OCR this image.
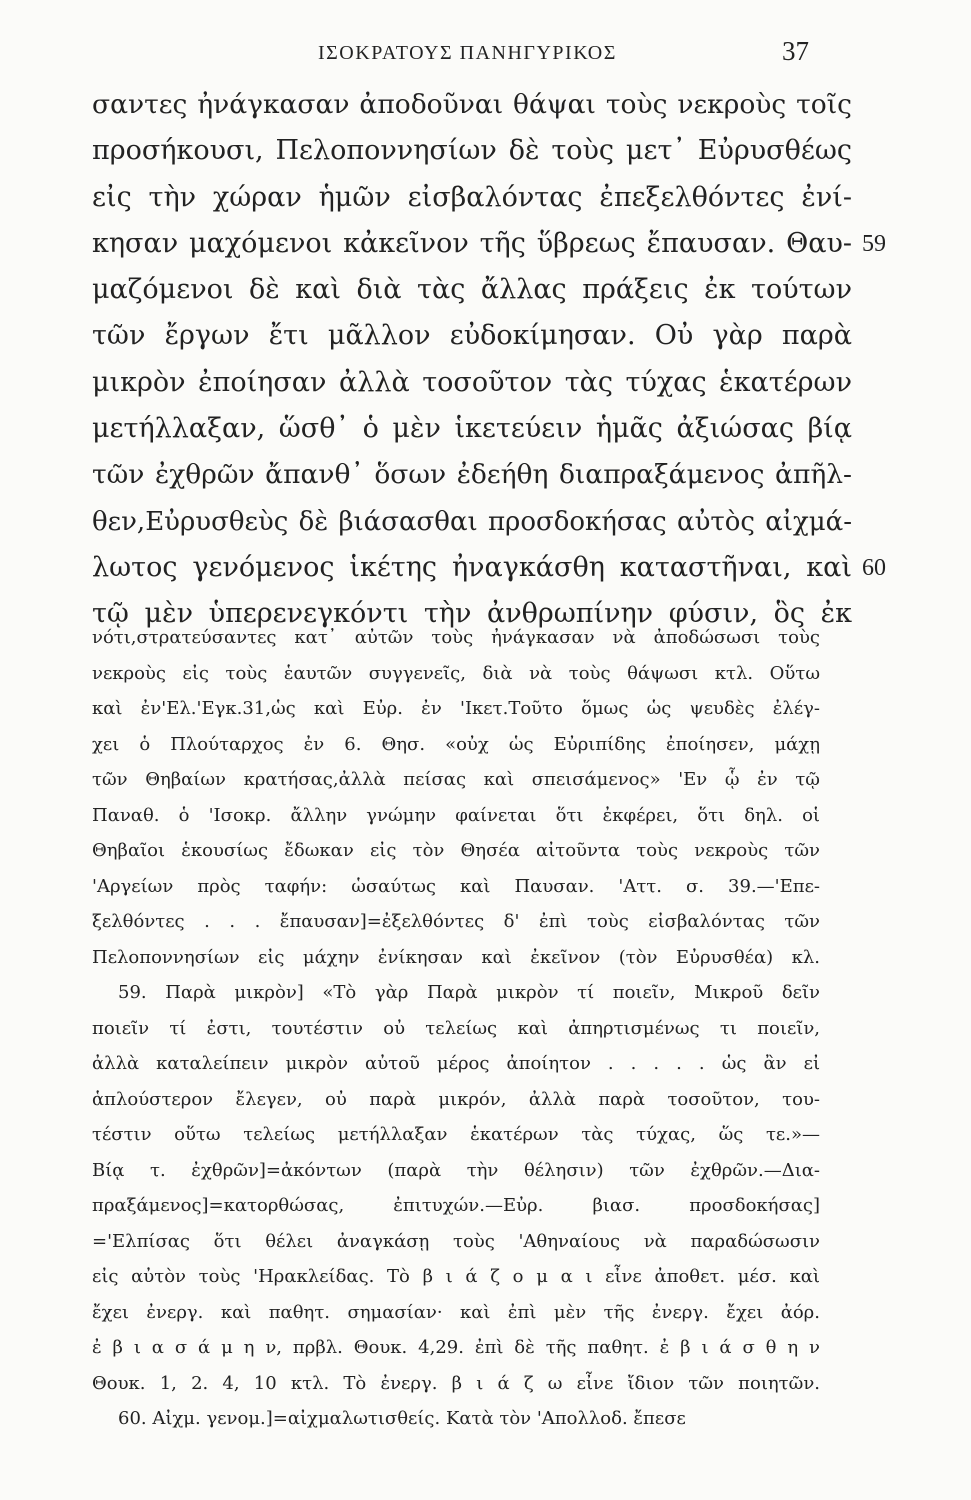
ΙΣΟΚΡΑΤΟΥΣ ΠΑΝΗΓΥΡΙΚΟΣ	37
σαντες ἠνάγκασαν ἀποδοῦναι θάψαι τοὺς νεκροὺς τοῖς
προσήκουσι, Πελοποννησίων δὲ τοὺς μετ᾽ Εὐρυσθέως
εἰς τὴν χώραν ἡμῶν εἰσβαλόντας ἐπεξελθόντες ἐνί-
κησαν μαχόμενοι κἀκεῖνον τῆς ὕβρεως ἔπαυσαν. Θαυ- 59
μαζόμενοι δὲ καὶ διὰ τὰς ἄλλας πράξεις ἐκ τούτων
τῶν ἔργων ἔτι μᾶλλον εὐδοκίμησαν. Οὐ γὰρ παρὰ
μικρὸν ἐποίησαν ἀλλὰ τοσοῦτον τὰς τύχας ἑκατέρων
μετήλλαξαν, ὥσθ᾽ ὁ μὲν ἱκετεύειν ἡμᾶς ἀξιώσας βίᾳ
τῶν ἐχθρῶν ἄπανθ᾽ ὅσων ἐδεήθη διαπραξάμενος ἀπῆλ-
θεν,Εὐρυσθεὺς δὲ βιάσασθαι προσδοκήσας αὐτὸς αἰχμά-
λωτος γενόμενος ἱκέτης ἠναγκάσθη καταστῆναι, καὶ 60
τῷ μὲν ὑπερενεγκόντι τὴν ἀνθρωπίνην φύσιν, ὃς ἐκ
νότι,στρατεύσαντες κατ᾽ αὐτῶν τοὺς ἠνάγκασαν νὰ ἀποδώσωσι τοὺς
νεκροὺς εἰς τοὺς ἑαυτῶν συγγενεῖς, διὰ νὰ τοὺς θάψωσι κτλ. Οὕτω
καὶ ἐν'Ελ.'Εγκ.31,ὡς καὶ Εὐρ. ἐν 'Ικετ.Τοῦτο ὅμως ὡς ψευδὲς ἐλέγ-
χει ὁ Πλούταρχος ἐν 6. Θησ. «οὐχ ὡς Εὐριπίδης ἐποίησεν, μάχῃ
τῶν Θηβαίων κρατήσας,ἀλλὰ πείσας καὶ σπεισάμενος» 'Εν ᾧ ἐν τῷ
Παναθ. ὁ 'Ισοκρ. ἄλλην γνώμην φαίνεται ὅτι ἐκφέρει, ὅτι δηλ. οἱ
Θηβαῖοι ἑκουσίως ἔδωκαν εἰς τὸν Θησέα αἰτοῦντα τοὺς νεκροὺς τῶν
'Αργείων πρὸς ταφήν: ὡσαύτως καὶ Παυσαν. 'Αττ. σ. 39.—'Επε-
ξελθόντες . . . ἔπαυσαν]=ἐξελθόντες δ' ἐπὶ τοὺς εἰσβαλόντας τῶν
Πελοποννησίων εἰς μάχην ἐνίκησαν καὶ ἐκεῖνον (τὸν Εὐρυσθέα) κλ.
59. Παρὰ μικρὸν] «Τὸ γὰρ Παρὰ μικρὸν τί ποιεῖν, Μικροῦ δεῖν
ποιεῖν τί ἐστι, τουτέστιν οὐ τελείως καὶ ἀπηρτισμένως τι ποιεῖν,
ἀλλὰ καταλείπειν μικρὸν αὐτοῦ μέρος ἀποίητον . . . . . ὡς ἂν εἰ
ἁπλούστερον ἔλεγεν, οὐ παρὰ μικρόν, ἀλλὰ παρὰ τοσοῦτον, του-
τέστιν οὕτω τελείως μετήλλαξαν ἑκατέρων τὰς τύχας, ὥς τε.»—
Βίᾳ τ. ἐχθρῶν]=ἀκόντων (παρὰ τὴν θέλησιν) τῶν ἐχθρῶν.—Δια-
πραξάμενος]=κατορθώσας, ἐπιτυχών.—Εὐρ. βιασ. προσδοκήσας]
='Ελπίσας ὅτι θέλει ἀναγκάσῃ τοὺς 'Αθηναίους νὰ παραδώσωσιν
εἰς αὐτὸν τοὺς 'Ηρακλείδας. Τὸ β ι ά ζ ο μ α ι εἶνε ἀποθετ. μέσ. καὶ
ἔχει ἐνεργ. καὶ παθητ. σημασίαν· καὶ ἐπὶ μὲν τῆς ἐνεργ. ἔχει ἀόρ.
ἐ β ι α σ ά μ η ν, πρβλ. Θουκ. 4,29. ἐπὶ δὲ τῆς παθητ. ἐ β ι ά σ θ η ν
Θουκ. 1, 2. 4, 10 κτλ. Τὸ ἐνεργ. β ι ά ζ ω εἶνε ἴδιον τῶν ποιητῶν.
60. Αἰχμ. γενομ.]=αἰχμαλωτισθείς. Κατὰ τὸν 'Απολλοδ. ἔπεσε
